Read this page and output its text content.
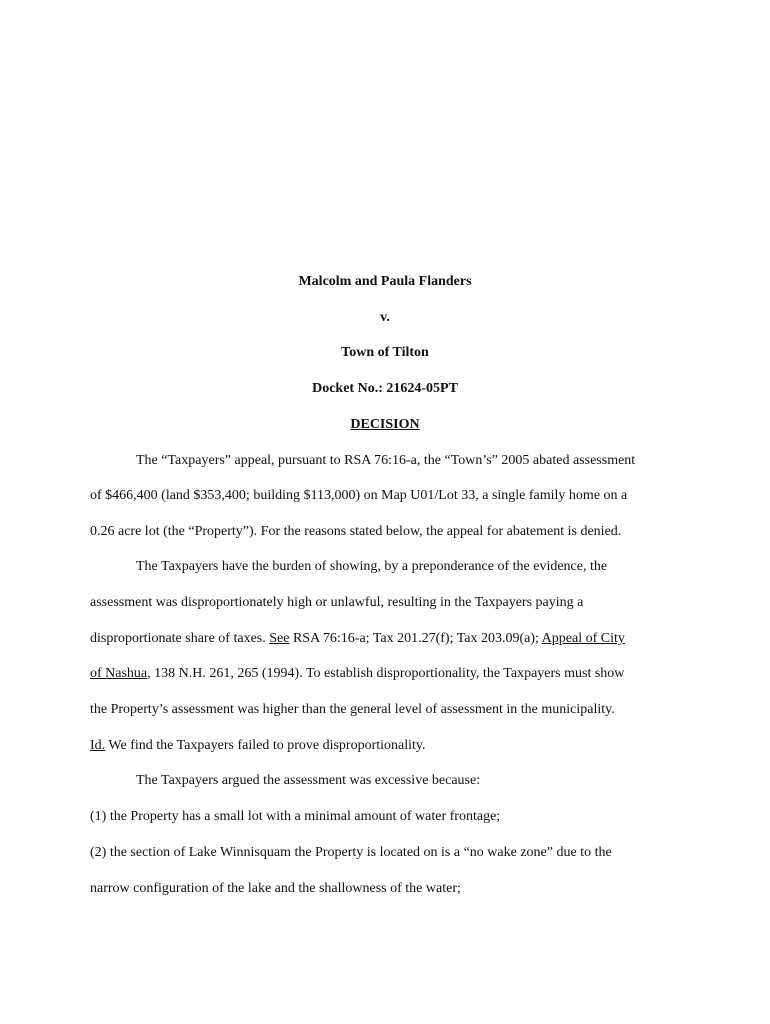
Malcolm and Paula Flanders
v.
Town of Tilton
Docket No.: 21624-05PT
DECISION
The “Taxpayers” appeal, pursuant to RSA 76:16-a, the “Town’s” 2005 abated assessment
of $466,400 (land $353,400; building $113,000) on Map U01/Lot 33, a single family home on a
0.26 acre lot (the “Property”). For the reasons stated below, the appeal for abatement is denied.
The Taxpayers have the burden of showing, by a preponderance of the evidence, the
assessment was disproportionately high or unlawful, resulting in the Taxpayers paying a
disproportionate share of taxes. See RSA 76:16-a; Tax 201.27(f); Tax 203.09(a); Appeal of City
of Nashua, 138 N.H. 261, 265 (1994). To establish disproportionality, the Taxpayers must show
the Property’s assessment was higher than the general level of assessment in the municipality.
Id. We find the Taxpayers failed to prove disproportionality.
The Taxpayers argued the assessment was excessive because:
(1) the Property has a small lot with a minimal amount of water frontage;
(2) the section of Lake Winnisquam the Property is located on is a “no wake zone” due to the
narrow configuration of the lake and the shallowness of the water;
